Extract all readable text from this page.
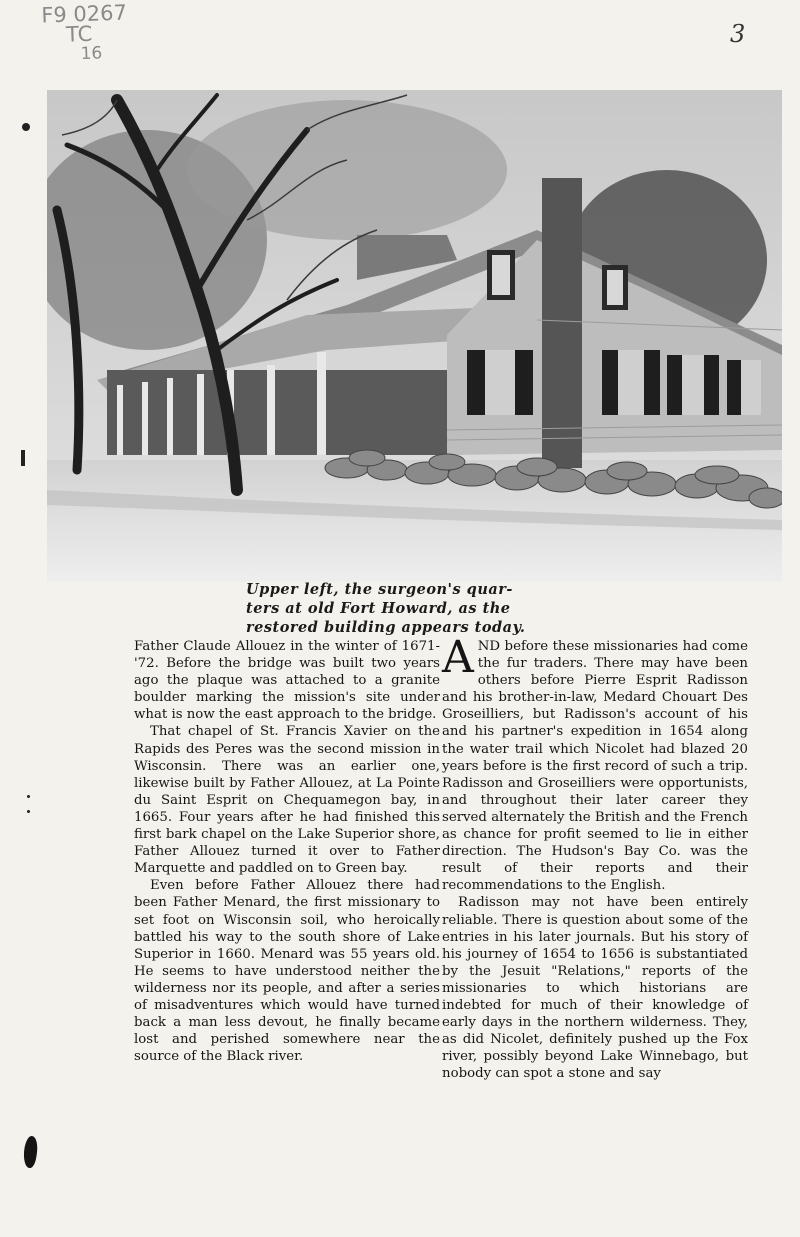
F9 0267
TC
16
3
Upper left, the surgeon's quar-
ters at old Fort Howard, as the
restored building appears today.

Father Claude Allouez in the winter of 1671-'72. Before the bridge was built two years ago the plaque was attached to a granite boulder marking the mission's site under what is now the east approach to the bridge.

That chapel of St. Francis Xavier on the Rapids des Peres was the second mission in Wisconsin. There was an earlier one, likewise built by Father Allouez, at La Pointe du Saint Esprit on Chequamegon bay, in 1665. Four years after he had finished this first bark chapel on the Lake Superior shore, Father Allouez turned it over to Father Marquette and paddled on to Green bay.

Even before Father Allouez there had been Father Menard, the first missionary to set foot on Wisconsin soil, who heroically battled his way to the south shore of Lake Superior in 1660. Menard was 55 years old. He seems to have understood neither the wilderness nor its people, and after a series of misadventures which would have turned back a man less devout, he finally became lost and perished somewhere near the source of the Black river.

AND before these missionaries had come the fur traders. There may have been others before Pierre Esprit Radisson and his brother-in-law, Medard Chouart Des Groseilliers, but Radisson's account of his and his partner's expedition in 1654 along the water trail which Nicolet had blazed 20 years before is the first record of such a trip. Radisson and Groseilliers were opportunists, and throughout their later career they served alternately the British and the French as chance for profit seemed to lie in either direction. The Hudson's Bay Co. was the result of their reports and their recommendations to the English.

Radisson may not have been entirely reliable. There is question about some of the entries in his later journals. But his story of his journey of 1654 to 1656 is substantiated by the Jesuit "Relations," reports of the missionaries to which historians are indebted for much of their knowledge of early days in the northern wilderness. They, as did Nicolet, definitely pushed up the Fox river, possibly beyond Lake Winnebago, but nobody can spot a stone and say
